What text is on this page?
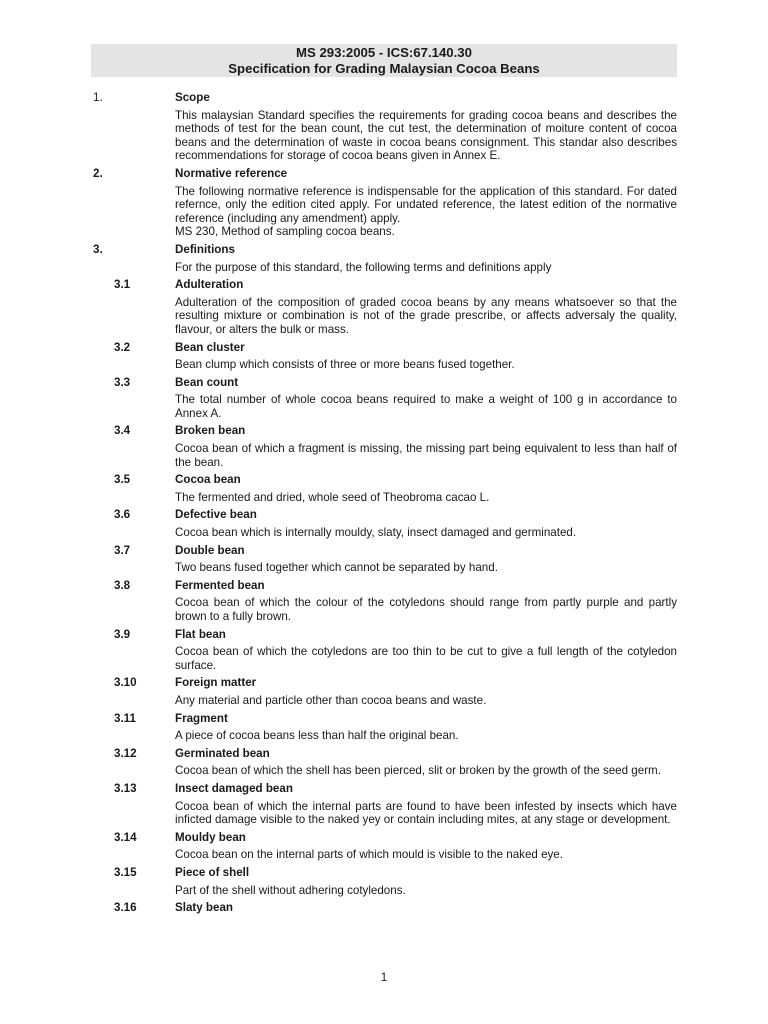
MS 293:2005 - ICS:67.140.30
Specification for Grading Malaysian Cocoa Beans
1.	Scope
This malaysian Standard specifies the requirements for grading cocoa beans and describes the methods of test for the bean count, the cut test, the determination of moiture content of cocoa beans and the determination of waste in cocoa beans consignment. This standar also describes recommendations for storage of cocoa beans given in Annex E.
2.	Normative reference
The following normative reference is indispensable for the application of this standard. For dated refernce, only the edition cited apply. For undated reference, the latest edition of the normative reference (including any amendment) apply.
MS 230, Method of sampling cocoa beans.
3.	Definitions
For the purpose of this standard, the following terms and definitions apply
3.1	Adulteration
Adulteration of the composition of graded cocoa beans by any means whatsoever so that the resulting mixture or combination is not of the grade prescribe, or affects adversaly the quality, flavour, or alters the bulk or mass.
3.2	Bean cluster
Bean clump which consists of three or more beans fused together.
3.3	Bean count
The total number of whole cocoa beans required to make a weight of 100 g in accordance to Annex A.
3.4	Broken bean
Cocoa bean of which a fragment is missing, the missing part being equivalent to less than half of the bean.
3.5	Cocoa bean
The fermented and dried, whole seed of Theobroma cacao L.
3.6	Defective bean
Cocoa bean which is internally mouldy, slaty, insect damaged and germinated.
3.7	Double bean
Two beans fused together which cannot be separated by hand.
3.8	Fermented bean
Cocoa bean of which the colour of the cotyledons should range from partly purple and partly brown to a fully brown.
3.9	Flat bean
Cocoa bean of which the cotyledons are too thin to be cut to give a full length of the cotyledon surface.
3.10	Foreign matter
Any material and particle other than cocoa beans and waste.
3.11	Fragment
A piece of cocoa beans less than half the original bean.
3.12	Germinated bean
Cocoa bean of which the shell has been pierced, slit or broken by the growth of the seed germ.
3.13	Insect damaged bean
Cocoa bean of which the internal parts are found to have been infested by insects which have inficted damage visible to the naked yey or contain including mites, at any stage or development.
3.14	Mouldy bean
Cocoa bean on the internal parts of which mould is visible to the naked eye.
3.15	Piece of shell
Part of the shell without adhering cotyledons.
3.16	Slaty bean
1
